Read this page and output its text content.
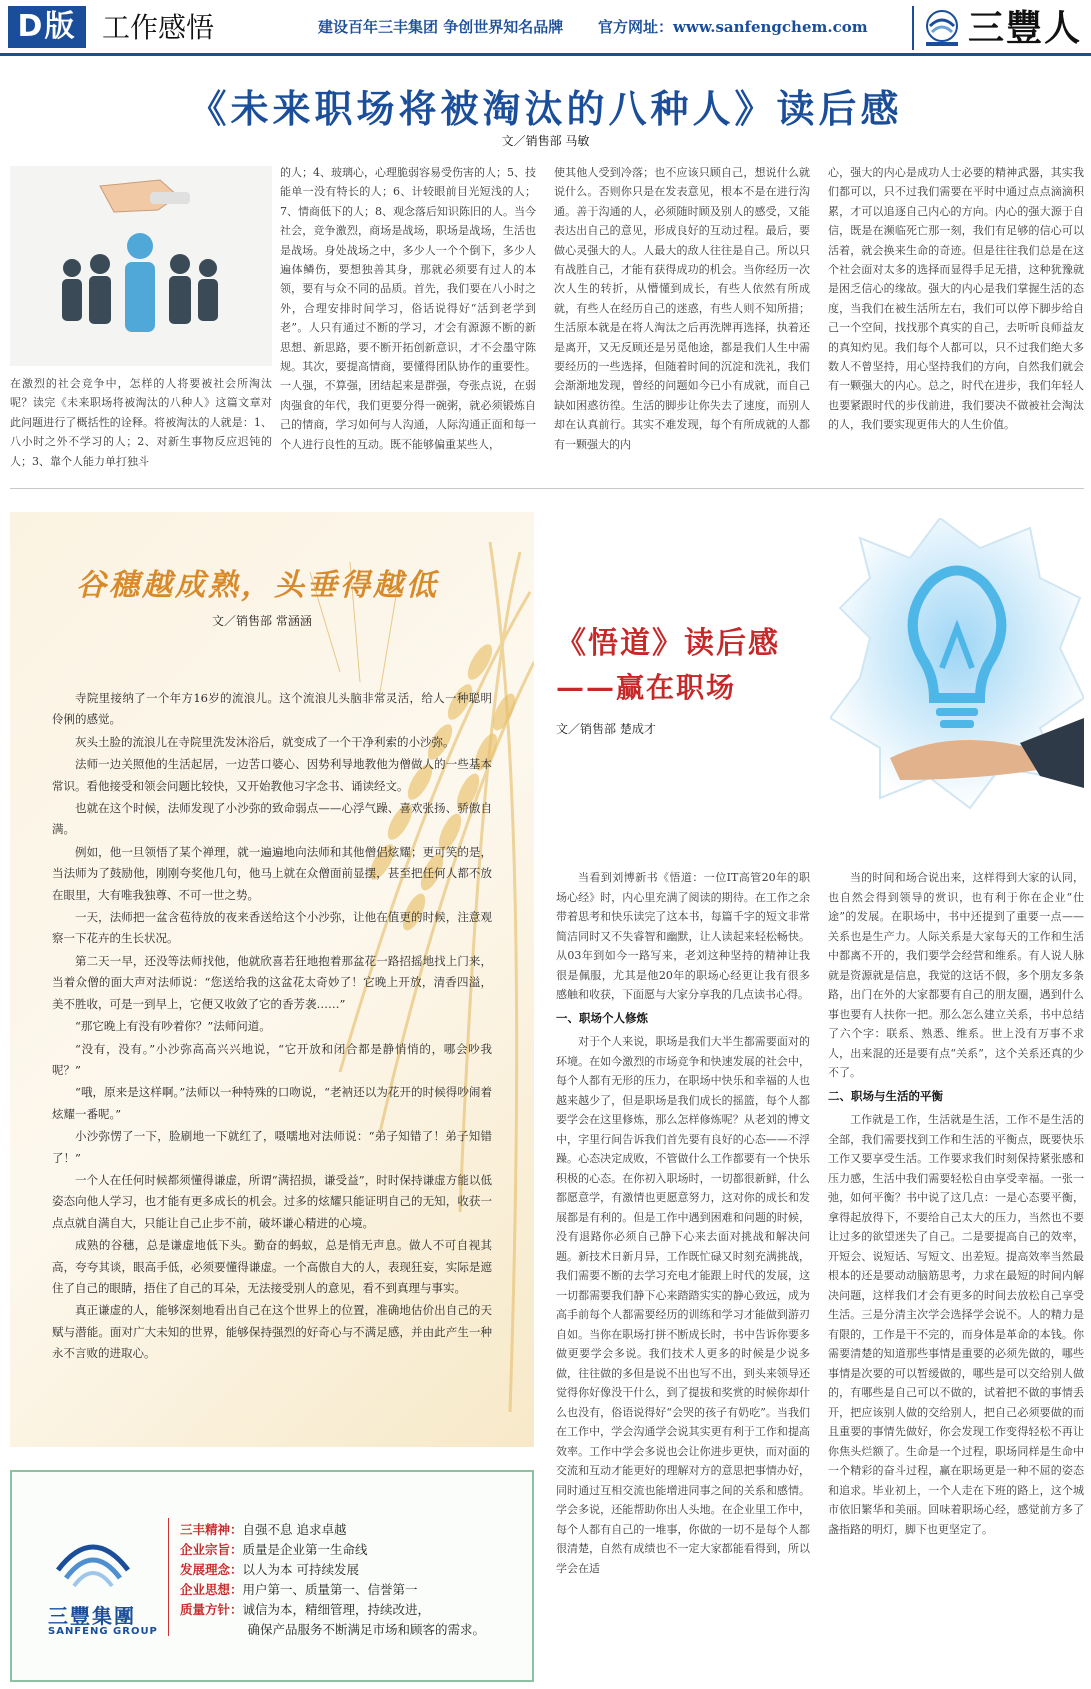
D版 工作感悟	建设百年三丰集团 争创世界知名品牌 官方网址：www.sanfengchem.com	三豐人
《未来职场将被淘汰的八种人》读后感
文／销售部 马敏
在激烈的社会竞争中，怎样的人将要被社会所淘汰呢？读完《未来职场将被淘汰的八种人》这篇文章对此问题进行了概括性的诠释。将被淘汰的人就是：1、八小时之外不学习的人；2、对新生事物反应迟钝的人；3、靠个人能力单打独斗
的人；4、玻璃心，心理脆弱容易受伤害的人；5、技能单一没有特长的人；6、计较眼前目光短浅的人；7、情商低下的人；8、观念落后知识陈旧的人。当今社会，竞争激烈，商场是战场，职场是战场，生活也是战场。身处战场之中，多少人一个个倒下，多少人遍体鳞伤，要想独善其身，那就必须要有过人的本领，要有与众不同的品质。首先，我们要在八小时之外，合理安排时间学习，俗话说得好“活到老学到老”。人只有通过不断的学习，才会有源源不断的新思想、新思路，要不断开拓创新意识，才不会墨守陈规。其次，要提高情商，要懂得团队协作的重要性。一人强，不算强，团结起来是群强，夸张点说，在弱肉强食的年代，我们更要分得一碗粥，就必须锻炼自己的情商，学习如何与人沟通，人际沟通正面和每一个人进行良性的互动。既不能够偏重某些人，
使其他人受到冷落；也不应该只顾自己，想说什么就说什么。否则你只是在发表意见，根本不是在进行沟通。善于沟通的人，必须随时顾及别人的感受，又能表达出自己的意见，形成良好的互动过程。最后，要做心灵强大的人。人最大的敌人往往是自己。所以只有战胜自己，才能有获得成功的机会。当你经历一次次人生的转折，从懵懂到成长，有些人依然有所成就，有些人在经历自己的迷惑，有些人则不知所措；生活原本就是在将人淘汰之后再洗牌再选择，执着还是离开，又无反顾还是另觅他途，都是我们人生中需要经历的一些选择，但随着时间的沉淀和洗礼，我们会渐渐地发现，曾经的问题如今已小有成就，而自己缺如困惑彷徨。生活的脚步让你失去了速度，而别人却在认真前行。其实不难发现，每个有所成就的人都有一颗强大的内
心，强大的内心是成功人士必要的精神武器，其实我们都可以，只不过我们需要在平时中通过点点滴滴积累，才可以追逐自己内心的方向。内心的强大源于自信，既是在濒临死亡那一刻，我们有足够的信心可以活着，就会换来生命的奇迹。但是往往我们总是在这个社会面对太多的选择而显得手足无措，这种犹豫就是困乏信心的缘故。强大的内心是我们掌握生活的态度，当我们在被生活所左右，我们可以停下脚步给自己一个空间，找找那个真实的自己，去听听良师益友的真知灼见。我们每个人都可以，只不过我们绝大多数人不曾坚持，用心坚持我们的方向，自然我们就会有一颗强大的内心。总之，时代在进步，我们年轻人也要紧跟时代的步伐前进，我们要决不做被社会淘汰的人，我们要实现更伟大的人生价值。
谷穗越成熟，头垂得越低
文／销售部 常涵涵

寺院里接纳了一个年方16岁的流浪儿。这个流浪儿头脑非常灵活，给人一种聪明伶俐的感觉。

灰头土脸的流浪儿在寺院里洗发沐浴后，就变成了一个干净利索的小沙弥。

法师一边关照他的生活起居，一边苦口婆心、因势利导地教他为僧做人的一些基本常识。看他接受和领会问题比较快，又开始教他习字念书、诵读经文。

也就在这个时候，法师发现了小沙弥的致命弱点——心浮气躁、喜欢张扬、骄傲自满。

例如，他一旦领悟了某个禅理，就一遍遍地向法师和其他僧侣炫耀；更可笑的是，当法师为了鼓励他，刚刚夸奖他几句，他马上就在众僧面前显摆，甚至把任何人都不放在眼里，大有唯我独尊、不可一世之势。

一天，法师把一盆含苞待放的夜来香送给这个小沙弥，让他在值更的时候，注意观察一下花卉的生长状况。

第二天一早，还没等法师找他，他就欣喜若狂地抱着那盆花一路招摇地找上门来，当着众僧的面大声对法师说：“您送给我的这盆花太奇妙了！它晚上开放，清香四溢，美不胜收，可是一到早上，它便又收敛了它的香芳袭……”

“那它晚上有没有吵着你？”法师问道。

“没有，没有。”小沙弥高高兴兴地说，“它开放和闭合都是静悄悄的，哪会吵我呢？”

“哦，原来是这样啊。”法师以一种特殊的口吻说，“老衲还以为花开的时候得吵闹着炫耀一番呢。”

小沙弥愣了一下，脸刷地一下就红了，嗫嚅地对法师说：“弟子知错了！弟子知错了！”

一个人在任何时候都须懂得谦虚，所谓“满招损，谦受益”，时时保持谦虚方能以低姿态向他人学习，也才能有更多成长的机会。过多的炫耀只能证明自己的无知，收获一点点就自满自大，只能让自己止步不前，破坏谦心精进的心境。

成熟的谷穗，总是谦虚地低下头。勤奋的蚂蚁，总是悄无声息。做人不可自视其高，夸夸其谈，眼高手低，必须要懂得谦虚。一个高傲自大的人，表现狂妄，实际是遮住了自己的眼睛，捂住了自己的耳朵，无法接受别人的意见，看不到真理与事实。

真正谦虚的人，能够深刻地看出自己在这个世界上的位置，准确地估价出自己的天赋与潜能。面对广大未知的世界，能够保持强烈的好奇心与不满足感，并由此产生一种永不言败的进取心。

三豐集團
SANFENG GROUP
三丰精神：自强不息 追求卓越
企业宗旨：质量是企业第一生命线
发展理念：以人为本 可持续发展
企业思想：用户第一、质量第一、信誉第一
质量方针：诚信为本，精细管理，持续改进，
确保产品服务不断满足市场和顾客的需求。
《悟道》读后感
——赢在职场
文／销售部 楚成才

当看到刘博新书《悟道：一位IT高管20年的职场心经》时，内心里充满了阅读的期待。在工作之余带着思考和快乐读完了这本书，每篇千字的短文非常简洁同时又不失睿智和幽默，让人读起来轻松畅快。从03年到如今一路写来，老刘这种坚持的精神让我很是佩服，尤其是他20年的职场心经更让我有很多感触和收获，下面愿与大家分享我的几点读书心得。

一、职场个人修炼

对于个人来说，职场是我们大半生都需要面对的环境。在如今激烈的市场竞争和快速发展的社会中，每个人都有无形的压力，在职场中快乐和幸福的人也越来越少了，但是职场是我们成长的摇篮，每个人都要学会在这里修炼，那么怎样修炼呢？从老刘的博文中，字里行间告诉我们首先要有良好的心态——不浮躁。心态决定成败，不管做什么工作都要有一个快乐积极的心态。在你初入职场时，一切都很新鲜，什么都愿意学，有激情也更愿意努力，这对你的成长和发展都是有利的。但是工作中遇到困难和问题的时候，没有退路你必须自己静下心来去面对挑战和解决问题。新技术日新月异，工作既忙碌又时刻充满挑战，我们需要不断的去学习充电才能跟上时代的发展，这一切都需要我们静下心来踏踏实实的静心致远，成为高手前每个人都需要经历的训练和学习才能做到游刃自如。当你在职场打拼不断成长时，书中告诉你要多做更要学会多说。我们技术人更多的时候是少说多做，往往做的多但是说不出也写不出，到头来领导还觉得你好像没干什么，到了提拔和奖赏的时候你却什么也没有，俗语说得好“会哭的孩子有奶吃”。当我们在工作中，学会沟通学会说其实更有利于工作和提高效率。工作中学会多说也会让你进步更快，而对面的交流和互动才能更好的理解对方的意思把事情办好，同时通过互相交流也能增进同事之间的关系和感情。学会多说，还能帮助你出人头地。在企业里工作中，每个人都有自己的一堆事，你做的一切不是每个人都很清楚，自然有成绩也不一定大家都能看得到，所以学会在适

当的时间和场合说出来，这样得到大家的认同，也自然会得到领导的赏识，也有利于你在企业“仕途”的发展。在职场中，书中还提到了重要一点——关系也是生产力。人际关系是大家每天的工作和生活中都离不开的，我们要学会经营和维系。有人说人脉就是资源就是信息，我觉的这话不假，多个朋友多条路，出门在外的大家都要有自己的朋友圈，遇到什么事也要有人扶你一把。那么怎么建立关系，书中总结了六个字：联系、熟悉、维系。世上没有万事不求人，出来混的还是要有点“关系”，这个关系还真的少不了。

二、职场与生活的平衡

工作就是工作，生活就是生活，工作不是生活的全部，我们需要找到工作和生活的平衡点，既要快乐工作又要享受生活。工作要求我们时刻保持紧张感和压力感，生活中我们需要轻松自由享受幸福。一张一弛，如何平衡？书中说了这几点：一是心态要平衡，拿得起放得下，不要给自己太大的压力，当然也不要让过多的欲望迷失了自己。二是要提高自己的效率，开短会、说短话、写短文、出差短。提高效率当然最根本的还是要动动脑筋思考，力求在最短的时间内解决问题，这样我们才会有更多的时间去放松自己享受生活。三是分清主次学会选择学会说不。人的精力是有限的，工作是干不完的，而身体是革命的本钱。你需要清楚的知道那些事情是重要的必须先做的，哪些事情是次要的可以暂缓做的，哪些是可以交给别人做的，有哪些是自己可以不做的，试着把不做的事情丢开，把应该别人做的交给别人，把自己必须要做的而且重要的事情先做好，你会发现工作变得轻松不再让你焦头烂额了。生命是一个过程，职场同样是生命中一个精彩的奋斗过程，赢在职场更是一种不屈的姿态和追求。毕业初上，一个人走在下班的路上，这个城市依旧繁华和美丽。回味着职场心经，感觉前方多了盏指路的明灯，脚下也更坚定了。
